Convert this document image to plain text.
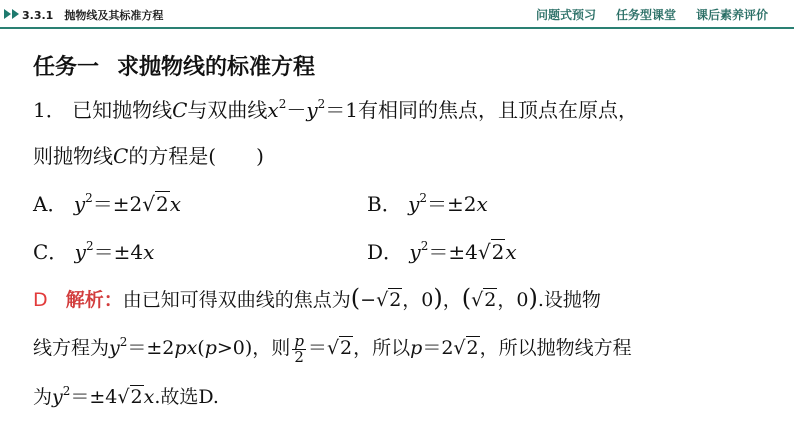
3.3.1　抛物线及其标准方程	问题式预习 任务型课堂 课后素养评价
任务一 求抛物线的标准方程
1． 已知抛物线C与双曲线$x^2-y^2=1$有相同的焦点，且顶点在原点，
则抛物线C的方程是( )
A． $y^2=\pm 2√2x$	B． $y^2=\pm 2x$
C． $y^2=\pm 4x$	D． $y^2=\pm 4√2x$
D 解析：由已知可得双曲线的焦点为(−√2，0)，(√2，0).设抛物
线方程为$y^2=\pm 2px(p>0)$，则 $\frac{p}{2} =√2$，所以p＝2√2，所以抛物线方程
为$y^2=\pm 4√2x$.故选D.
